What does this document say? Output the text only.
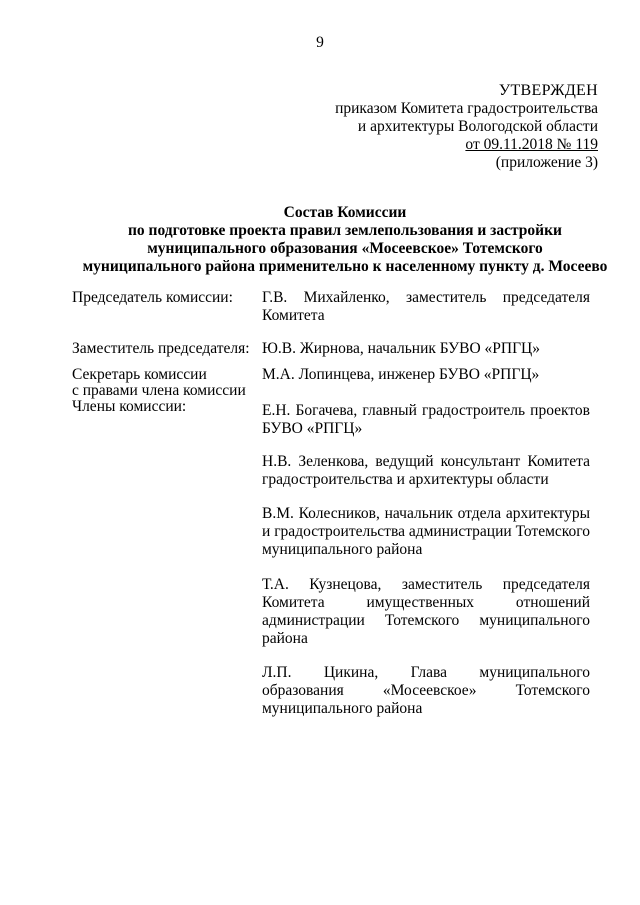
9
УТВЕРЖДЕН
приказом Комитета градостроительства
и архитектуры Вологодской области
от 09.11.2018 № 119
(приложение 3)
Состав Комиссии
по подготовке проекта правил землепользования и застройки
муниципального образования «Мосеевское» Тотемского
муниципального района применительно к населенному пункту д. Мосеево
Председатель комиссии: Г.В. Михайленко, заместитель председателя Комитета
Заместитель председателя: Ю.В. Жирнова, начальник БУВО «РПГЦ»
Секретарь комиссии
с правами члена комиссии
Члены комиссии:
М.А. Лопинцева, инженер БУВО «РПГЦ»
Е.Н. Богачева, главный градостроитель проектов БУВО «РПГЦ»
Н.В. Зеленкова, ведущий консультант Комитета градостроительства и архитектуры области
В.М. Колесников, начальник отдела архитектуры и градостроительства администрации Тотемского муниципального района
Т.А. Кузнецова, заместитель председателя Комитета имущественных отношений администрации Тотемского муниципального района
Л.П. Цикина, Глава муниципального образования «Мосеевское» Тотемского муниципального района
